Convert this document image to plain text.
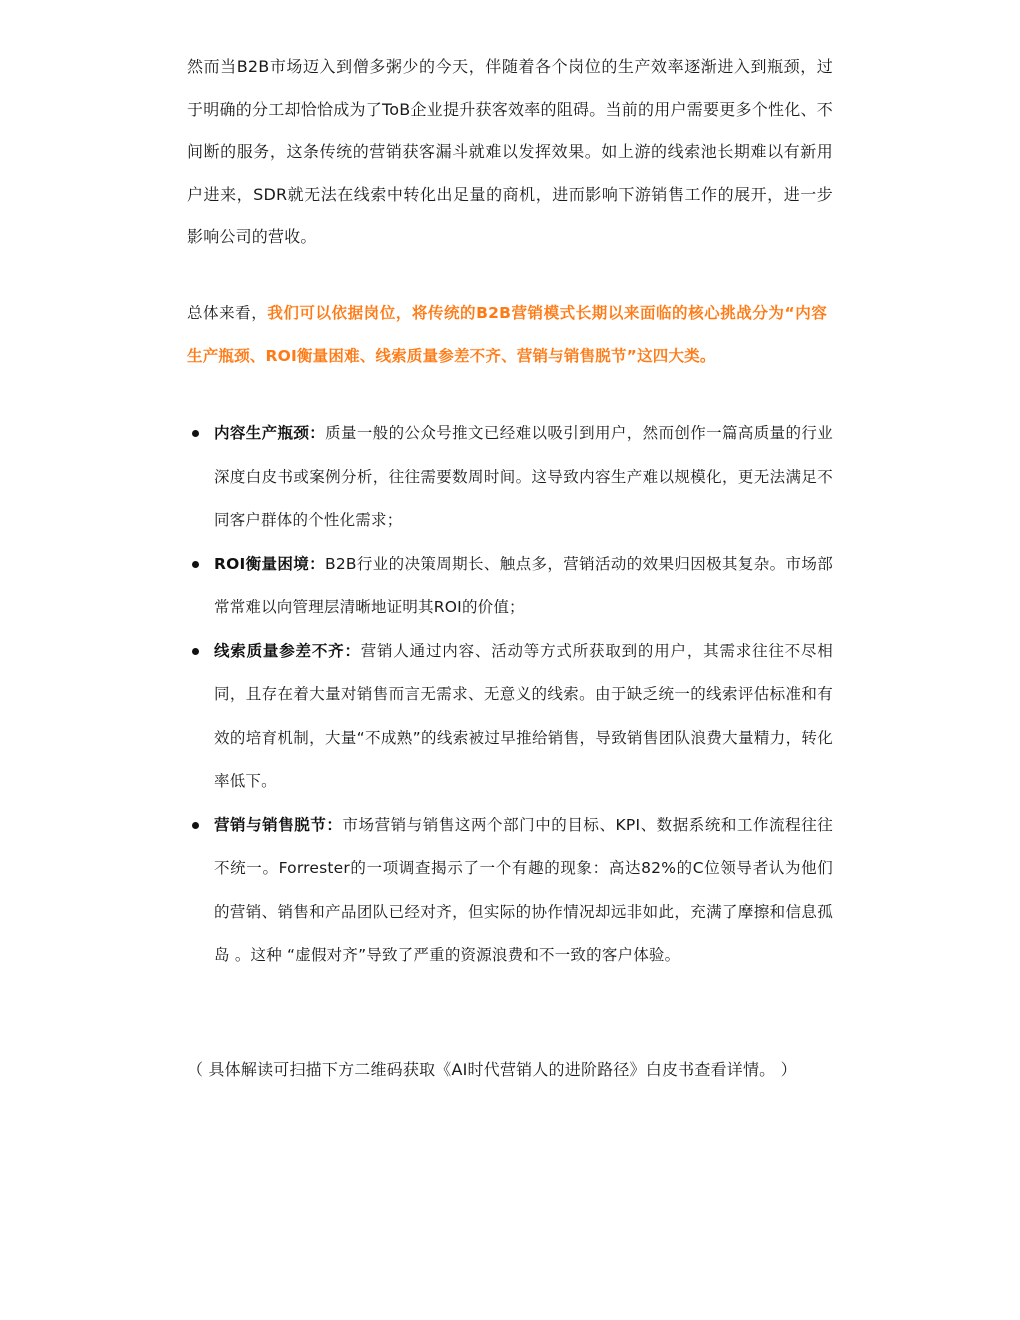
然而当B2B市场迈入到僧多粥少的今天，伴随着各个岗位的生产效率逐渐进入到瓶颈，过于明确的分工却恰恰成为了ToB企业提升获客效率的阻碍。当前的用户需要更多个性化、不间断的服务，这条传统的营销获客漏斗就难以发挥效果。如上游的线索池长期难以有新用户进来，SDR就无法在线索中转化出足量的商机，进而影响下游销售工作的展开，进一步影响公司的营收。

总体来看，我们可以依据岗位，将传统的B2B营销模式长期以来面临的核心挑战分为“内容生产瓶颈、ROI衡量困难、线索质量参差不齐、营销与销售脱节”这四大类。

内容生产瓶颈：质量一般的公众号推文已经难以吸引到用户，然而创作一篇高质量的行业深度白皮书或案例分析，往往需要数周时间。这导致内容生产难以规模化，更无法满足不同客户群体的个性化需求；
ROI衡量困境：B2B行业的决策周期长、触点多，营销活动的效果归因极其复杂。市场部常常难以向管理层清晰地证明其ROI的价值；
线索质量参差不齐：营销人通过内容、活动等方式所获取到的用户，其需求往往不尽相同，且存在着大量对销售而言无需求、无意义的线索。由于缺乏统一的线索评估标准和有效的培育机制，大量“不成熟”的线索被过早推给销售，导致销售团队浪费大量精力，转化率低下。
营销与销售脱节：市场营销与销售这两个部门中的目标、KPI、数据系统和工作流程往往不统一。Forrester的一项调查揭示了一个有趣的现象：高达82%的C位领导者认为他们的营销、销售和产品团队已经对齐，但实际的协作情况却远非如此，充满了摩擦和信息孤岛 。这种 “虚假对齐”导致了严重的资源浪费和不一致的客户体验。

（ 具体解读可扫描下方二维码获取《AI时代营销人的进阶路径》白皮书查看详情。 ）
